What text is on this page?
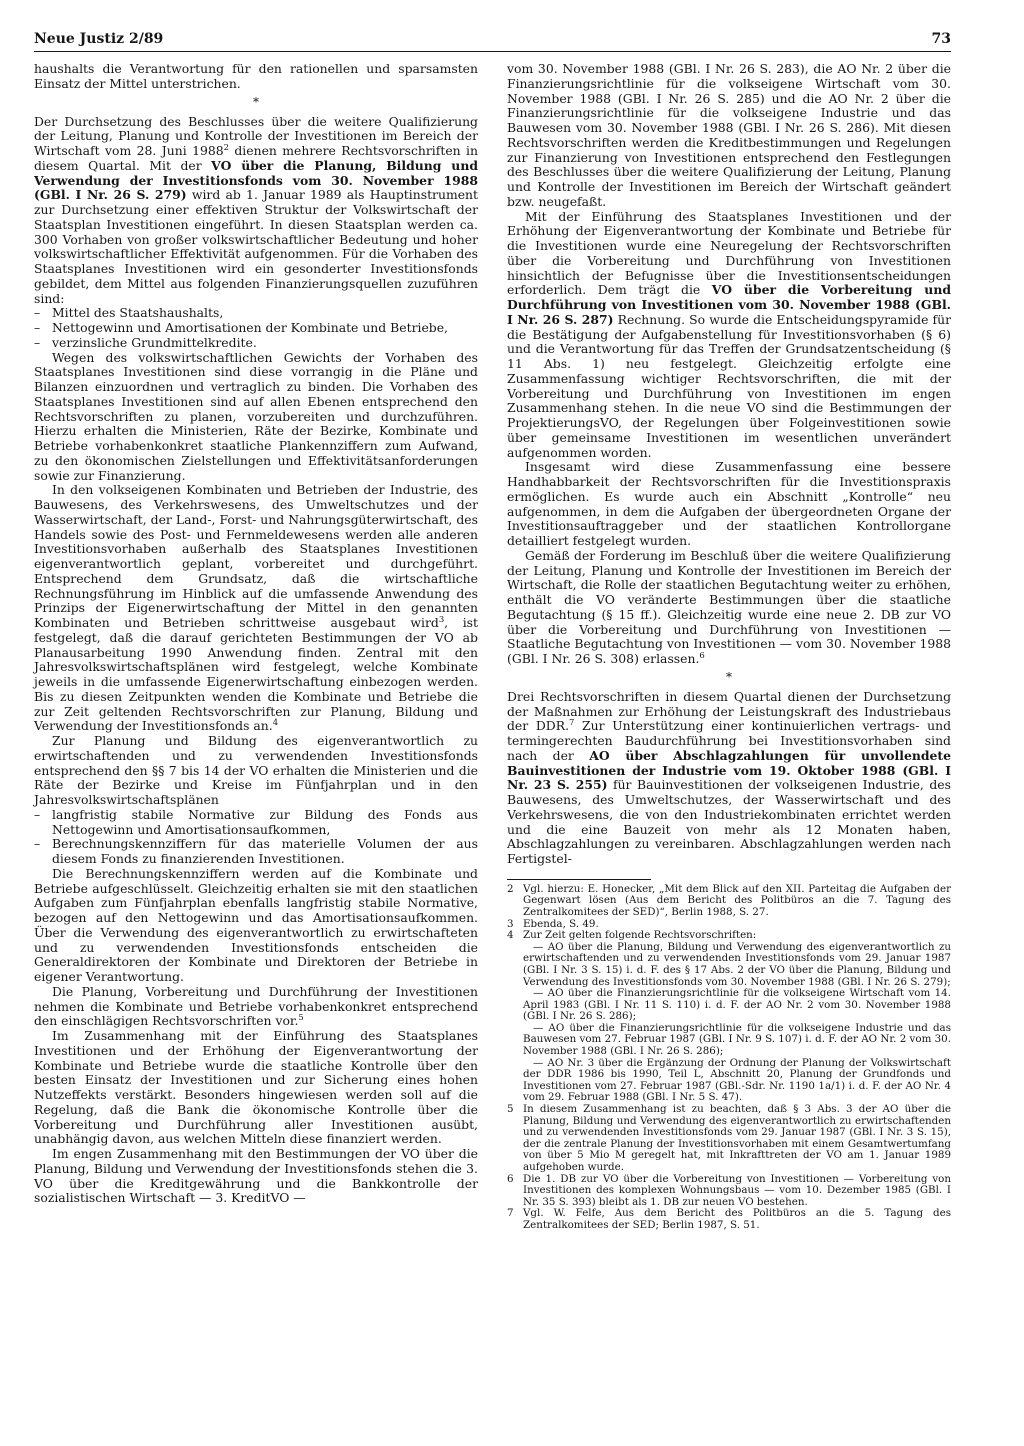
Neue Justiz 2/89	73

haushalts die Verantwortung für den rationellen und sparsamsten Einsatz der Mittel unterstrichen.

*

Der Durchsetzung des Beschlusses über die weitere Qualifizierung der Leitung, Planung und Kontrolle der Investitionen im Bereich der Wirtschaft vom 28. Juni 1988$^2$ dienen mehrere Rechtsvorschriften in diesem Quartal. Mit der VO über die Planung, Bildung und Verwendung der Investitionsfonds vom 30. November 1988 (GBl. I Nr. 26 S. 279) wird ab 1. Januar 1989 als Hauptinstrument zur Durchsetzung einer effektiven Struktur der Volkswirtschaft der Staatsplan Investitionen eingeführt. In diesen Staatsplan werden ca. 300 Vorhaben von großer volkswirtschaftlicher Bedeutung und hoher volkswirtschaftlicher Effektivität aufgenommen. Für die Vorhaben des Staatsplanes Investitionen wird ein gesonderter Investitionsfonds gebildet, dem Mittel aus folgenden Finanzierungsquellen zuzuführen sind:

– Mittel des Staatshaushalts,
– Nettogewinn und Amortisationen der Kombinate und Betriebe,
– verzinsliche Grundmittelkredite.

Wegen des volkswirtschaftlichen Gewichts der Vorhaben des Staatsplanes Investitionen sind diese vorrangig in die Pläne und Bilanzen einzuordnen und vertraglich zu binden. Die Vorhaben des Staatsplanes Investitionen sind auf allen Ebenen entsprechend den Rechtsvorschriften zu planen, vorzubereiten und durchzuführen. Hierzu erhalten die Ministerien, Räte der Bezirke, Kombinate und Betriebe vorhabenkonkret staatliche Plankennziffern zum Aufwand, zu den ökonomischen Zielstellungen und Effektivitätsanforderungen sowie zur Finanzierung.

In den volkseigenen Kombinaten und Betrieben der Industrie, des Bauwesens, des Verkehrswesens, des Umweltschutzes und der Wasserwirtschaft, der Land-, Forst- und Nahrungsgüterwirtschaft, des Handels sowie des Post- und Fernmeldewesens werden alle anderen Investitionsvorhaben außerhalb des Staatsplanes Investitionen eigenverantwortlich geplant, vorbereitet und durchgeführt. Entsprechend dem Grundsatz, daß die wirtschaftliche Rechnungsführung im Hinblick auf die umfassende Anwendung des Prinzips der Eigenerwirtschaftung der Mittel in den genannten Kombinaten und Betrieben schrittweise ausgebaut wird$^3$, ist festgelegt, daß die darauf gerichteten Bestimmungen der VO ab Planausarbeitung 1990 Anwendung finden. Zentral mit den Jahresvolkswirtschaftsplänen wird festgelegt, welche Kombinate jeweils in die umfassende Eigenerwirtschaftung einbezogen werden. Bis zu diesen Zeitpunkten wenden die Kombinate und Betriebe die zur Zeit geltenden Rechtsvorschriften zur Planung, Bildung und Verwendung der Investitionsfonds an.$^4$

Zur Planung und Bildung des eigenverantwortlich zu erwirtschaftenden und zu verwendenden Investitionsfonds entsprechend den §§ 7 bis 14 der VO erhalten die Ministerien und die Räte der Bezirke und Kreise im Fünfjahrplan und in den Jahresvolkswirtschaftsplänen

– langfristig stabile Normative zur Bildung des Fonds aus Nettogewinn und Amortisationsaufkommen,
– Berechnungskennziffern für das materielle Volumen der aus diesem Fonds zu finanzierenden Investitionen.

Die Berechnungskennziffern werden auf die Kombinate und Betriebe aufgeschlüsselt. Gleichzeitig erhalten sie mit den staatlichen Aufgaben zum Fünfjahrplan ebenfalls langfristig stabile Normative, bezogen auf den Nettogewinn und das Amortisationsaufkommen. Über die Verwendung des eigenverantwortlich zu erwirtschafteten und zu verwendenden Investitionsfonds entscheiden die Generaldirektoren der Kombinate und Direktoren der Betriebe in eigener Verantwortung.

Die Planung, Vorbereitung und Durchführung der Investitionen nehmen die Kombinate und Betriebe vorhabenkonkret entsprechend den einschlägigen Rechtsvorschriften vor.$^5$

Im Zusammenhang mit der Einführung des Staatsplanes Investitionen und der Erhöhung der Eigenverantwortung der Kombinate und Betriebe wurde die staatliche Kontrolle über den besten Einsatz der Investitionen und zur Sicherung eines hohen Nutzeffekts verstärkt. Besonders hingewiesen werden soll auf die Regelung, daß die Bank die ökonomische Kontrolle über die Vorbereitung und Durchführung aller Investitionen ausübt, unabhängig davon, aus welchen Mitteln diese finanziert werden.

Im engen Zusammenhang mit den Bestimmungen der VO über die Planung, Bildung und Verwendung der Investitionsfonds stehen die 3. VO über die Kreditgewährung und die Bankkontrolle der sozialistischen Wirtschaft — 3. KreditVO —

vom 30. November 1988 (GBl. I Nr. 26 S. 283), die AO Nr. 2 über die Finanzierungsrichtlinie für die volkseigene Wirtschaft vom 30. November 1988 (GBl. I Nr. 26 S. 285) und die AO Nr. 2 über die Finanzierungsrichtlinie für die volkseigene Industrie und das Bauwesen vom 30. November 1988 (GBl. I Nr. 26 S. 286). Mit diesen Rechtsvorschriften werden die Kreditbestimmungen und Regelungen zur Finanzierung von Investitionen entsprechend den Festlegungen des Beschlusses über die weitere Qualifizierung der Leitung, Planung und Kontrolle der Investitionen im Bereich der Wirtschaft geändert bzw. neugefaßt.

Mit der Einführung des Staatsplanes Investitionen und der Erhöhung der Eigenverantwortung der Kombinate und Betriebe für die Investitionen wurde eine Neuregelung der Rechtsvorschriften über die Vorbereitung und Durchführung von Investitionen hinsichtlich der Befugnisse über die Investitionsentscheidungen erforderlich. Dem trägt die VO über die Vorbereitung und Durchführung von Investitionen vom 30. November 1988 (GBl. I Nr. 26 S. 287) Rechnung. So wurde die Entscheidungspyramide für die Bestätigung der Aufgabenstellung für Investitionsvorhaben (§ 6) und die Verantwortung für das Treffen der Grundsatzentscheidung (§ 11 Abs. 1) neu festgelegt. Gleichzeitig erfolgte eine Zusammenfassung wichtiger Rechtsvorschriften, die mit der Vorbereitung und Durchführung von Investitionen im engen Zusammenhang stehen. In die neue VO sind die Bestimmungen der ProjektierungsVO, der Regelungen über Folgeinvestitionen sowie über gemeinsame Investitionen im wesentlichen unverändert aufgenommen worden.

Insgesamt wird diese Zusammenfassung eine bessere Handhabbarkeit der Rechtsvorschriften für die Investitionspraxis ermöglichen. Es wurde auch ein Abschnitt „Kontrolle“ neu aufgenommen, in dem die Aufgaben der übergeordneten Organe der Investitionsauftraggeber und der staatlichen Kontrollorgane detailliert festgelegt wurden.

Gemäß der Forderung im Beschluß über die weitere Qualifizierung der Leitung, Planung und Kontrolle der Investitionen im Bereich der Wirtschaft, die Rolle der staatlichen Begutachtung weiter zu erhöhen, enthält die VO veränderte Bestimmungen über die staatliche Begutachtung (§ 15 ff.). Gleichzeitig wurde eine neue 2. DB zur VO über die Vorbereitung und Durchführung von Investitionen — Staatliche Begutachtung von Investitionen — vom 30. November 1988 (GBl. I Nr. 26 S. 308) erlassen.$^6$

*

Drei Rechtsvorschriften in diesem Quartal dienen der Durchsetzung der Maßnahmen zur Erhöhung der Leistungskraft des Industriebaus der DDR.$^7$ Zur Unterstützung einer kontinuierlichen vertrags- und termingerechten Baudurchführung bei Investitionsvorhaben sind nach der AO über Abschlagzahlungen für unvollendete Bauinvestitionen der Industrie vom 19. Oktober 1988 (GBl. I Nr. 23 S. 255) für Bauinvestitionen der volkseigenen Industrie, des Bauwesens, des Umweltschutzes, der Wasserwirtschaft und des Verkehrswesens, die von den Industriekombinaten errichtet werden und die eine Bauzeit von mehr als 12 Monaten haben, Abschlagzahlungen zu vereinbaren. Abschlagzahlungen werden nach Fertigstel-

2 Vgl. hierzu: E. Honecker, „Mit dem Blick auf den XII. Parteitag die Aufgaben der Gegenwart lösen (Aus dem Bericht des Politbüros an die 7. Tagung des Zentralkomitees der SED)“, Berlin 1988, S. 27.
3 Ebenda, S. 49.
4 Zur Zeit gelten folgende Rechtsvorschriften:
— AO über die Planung, Bildung und Verwendung des eigenverantwortlich zu erwirtschaftenden und zu verwendenden Investitionsfonds vom 29. Januar 1987 (GBl. I Nr. 3 S. 15) i. d. F. des § 17 Abs. 2 der VO über die Planung, Bildung und Verwendung des Investitionsfonds vom 30. November 1988 (GBl. I Nr. 26 S. 279);
— AO über die Finanzierungsrichtlinie für die volkseigene Wirtschaft vom 14. April 1983 (GBl. I Nr. 11 S. 110) i. d. F. der AO Nr. 2 vom 30. November 1988 (GBl. I Nr. 26 S. 286);
— AO über die Finanzierungsrichtlinie für die volkseigene Industrie und das Bauwesen vom 27. Februar 1987 (GBl. I Nr. 9 S. 107) i. d. F. der AO Nr. 2 vom 30. November 1988 (GBl. I Nr. 26 S. 286);
— AO Nr. 3 über die Ergänzung der Ordnung der Planung der Volkswirtschaft der DDR 1986 bis 1990, Teil L, Abschnitt 20, Planung der Grundfonds und Investitionen vom 27. Februar 1987 (GBl.-Sdr. Nr. 1190 1a/1) i. d. F. der AO Nr. 4 vom 29. Februar 1988 (GBl. I Nr. 5 S. 47).
5 In diesem Zusammenhang ist zu beachten, daß § 3 Abs. 3 der AO über die Planung, Bildung und Verwendung des eigenverantwortlich zu erwirtschaftenden und zu verwendenden Investitionsfonds vom 29. Januar 1987 (GBl. I Nr. 3 S. 15), der die zentrale Planung der Investitionsvorhaben mit einem Gesamtwertumfang von über 5 Mio M geregelt hat, mit Inkrafttreten der VO am 1. Januar 1989 aufgehoben wurde.
6 Die 1. DB zur VO über die Vorbereitung von Investitionen — Vorbereitung von Investitionen des komplexen Wohnungsbaus — vom 10. Dezember 1985 (GBl. I Nr. 35 S. 393) bleibt als 1. DB zur neuen VO bestehen.
7 Vgl. W. Felfe, Aus dem Bericht des Politbüros an die 5. Tagung des Zentralkomitees der SED; Berlin 1987, S. 51.
